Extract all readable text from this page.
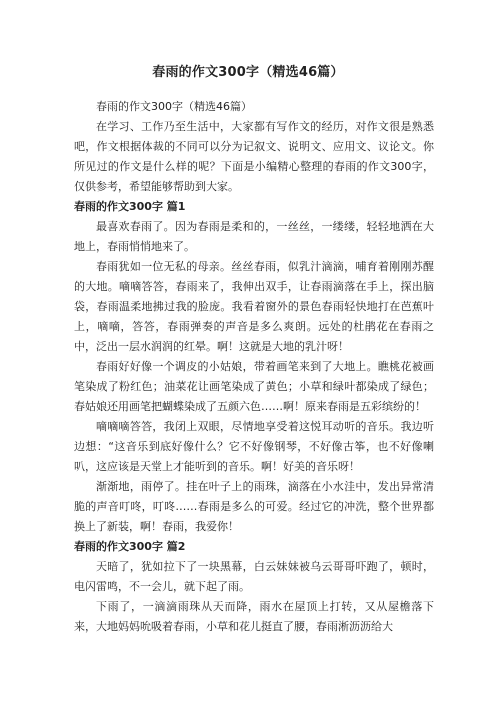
春雨的作文300字（精选46篇）

春雨的作文300字（精选46篇）

在学习、工作乃至生活中，大家都有写作文的经历，对作文很是熟悉吧，作文根据体裁的不同可以分为记叙文、说明文、应用文、议论文。你所见过的作文是什么样的呢？下面是小编精心整理的春雨的作文300字，仅供参考，希望能够帮助到大家。

春雨的作文300字 篇1

最喜欢春雨了。因为春雨是柔和的，一丝丝，一缕缕，轻轻地洒在大地上，春雨悄悄地来了。

春雨犹如一位无私的母亲。丝丝春雨，似乳汁滴滴，哺育着刚刚苏醒的大地。嘀嘀答答，春雨来了，我伸出双手，让春雨滴落在手上，探出脑袋，春雨温柔地拂过我的脸庞。我看着窗外的景色春雨轻快地打在芭蕉叶上，嘀嘀，答答，春雨弹奏的声音是多么爽朗。远处的杜鹃花在春雨之中，泛出一层水润润的红晕。啊！这就是大地的乳汁呀！

春雨好好像一个调皮的小姑娘，带着画笔来到了大地上。瞧桃花被画笔染成了粉红色；油菜花让画笔染成了黄色；小草和绿叶都染成了绿色；春姑娘还用画笔把蝴蝶染成了五颜六色……啊！原来春雨是五彩缤纷的！

嘀嘀嘀答答，我闭上双眼，尽情地享受着这悦耳动听的音乐。我边听边想：“这音乐到底好像什么？它不好像钢琴，不好像古筝，也不好像喇叭，这应该是天堂上才能听到的音乐。啊！好美的音乐呀！

渐渐地，雨停了。挂在叶子上的雨珠，滴落在小水洼中，发出异常清脆的声音叮咚，叮咚……春雨是多么的可爱。经过它的冲洗，整个世界都换上了新装，啊！春雨，我爱你！

春雨的作文300字 篇2

天暗了，犹如拉下了一块黑幕，白云妹妹被乌云哥哥吓跑了，顿时，电闪雷鸣，不一会儿，就下起了雨。

下雨了，一滴滴雨珠从天而降，雨水在屋顶上打转，又从屋檐落下来，大地妈妈吮吸着春雨，小草和花儿挺直了腰，春雨淅沥沥给大
